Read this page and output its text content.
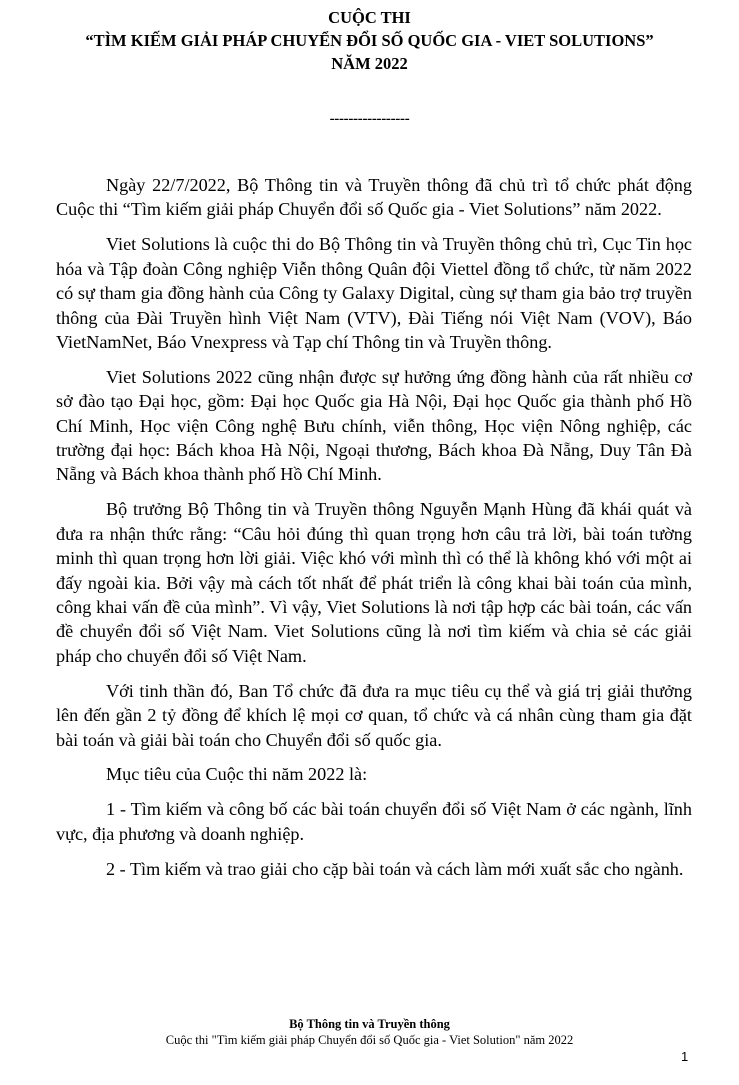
CUỘC THI
“TÌM KIẾM GIẢI PHÁP CHUYỂN ĐỔI SỐ QUỐC GIA - VIET SOLUTIONS”
NĂM 2022
-----------------

Ngày 22/7/2022, Bộ Thông tin và Truyền thông đã chủ trì tổ chức phát động Cuộc thi “Tìm kiếm giải pháp Chuyển đổi số Quốc gia - Viet Solutions” năm 2022.

Viet Solutions là cuộc thi do Bộ Thông tin và Truyền thông chủ trì, Cục Tin học hóa và Tập đoàn Công nghiệp Viễn thông Quân đội Viettel đồng tổ chức, từ năm 2022 có sự tham gia đồng hành của Công ty Galaxy Digital, cùng sự tham gia bảo trợ truyền thông của Đài Truyền hình Việt Nam (VTV), Đài Tiếng nói Việt Nam (VOV), Báo VietNamNet, Báo Vnexpress và Tạp chí Thông tin và Truyền thông.

Viet Solutions 2022 cũng nhận được sự hưởng ứng đồng hành của rất nhiều cơ sở đào tạo Đại học, gồm: Đại học Quốc gia Hà Nội, Đại học Quốc gia thành phố Hồ Chí Minh, Học viện Công nghệ Bưu chính, viễn thông, Học viện Nông nghiệp, các trường đại học: Bách khoa Hà Nội, Ngoại thương, Bách khoa Đà Nẵng, Duy Tân Đà Nẵng và Bách khoa thành phố Hồ Chí Minh.

Bộ trưởng Bộ Thông tin và Truyền thông Nguyễn Mạnh Hùng đã khái quát và đưa ra nhận thức rằng: “Câu hỏi đúng thì quan trọng hơn câu trả lời, bài toán tường minh thì quan trọng hơn lời giải. Việc khó với mình thì có thể là không khó với một ai đấy ngoài kia. Bởi vậy mà cách tốt nhất để phát triển là công khai bài toán của mình, công khai vấn đề của mình”. Vì vậy, Viet Solutions là nơi tập hợp các bài toán, các vấn đề chuyển đổi số Việt Nam. Viet Solutions cũng là nơi tìm kiếm và chia sẻ các giải pháp cho chuyển đổi số Việt Nam.

Với tinh thần đó, Ban Tổ chức đã đưa ra mục tiêu cụ thể và giá trị giải thưởng lên đến gần 2 tỷ đồng để khích lệ mọi cơ quan, tổ chức và cá nhân cùng tham gia đặt bài toán và giải bài toán cho Chuyển đổi số quốc gia.

Mục tiêu của Cuộc thi năm 2022 là:

1 - Tìm kiếm và công bố các bài toán chuyển đổi số Việt Nam ở các ngành, lĩnh vực, địa phương và doanh nghiệp.

2 - Tìm kiếm và trao giải cho cặp bài toán và cách làm mới xuất sắc cho ngành.

Bộ Thông tin và Truyền thông
Cuộc thi "Tìm kiếm giải pháp Chuyển đổi số Quốc gia - Viet Solution" năm 2022
1
